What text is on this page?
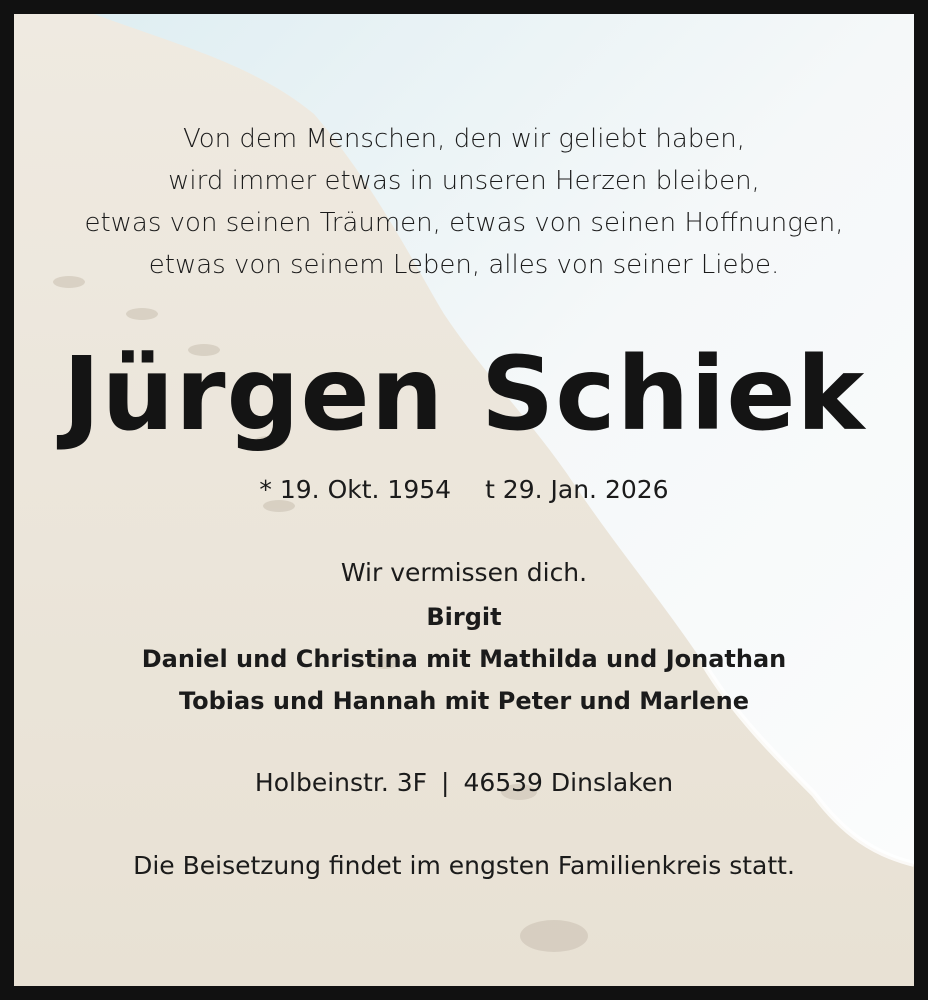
Von dem Menschen, den wir geliebt haben,
wird immer etwas in unseren Herzen bleiben,
etwas von seinen Träumen, etwas von seinen Hoffnungen,
etwas von seinem Leben, alles von seiner Liebe.
Jürgen Schiek
* 19. Okt. 1954 t 29. Jan. 2026
Wir vermissen dich.
Birgit
Daniel und Christina mit Mathilda und Jonathan
Tobias und Hannah mit Peter und Marlene
Holbeinstr. 3F | 46539 Dinslaken
Die Beisetzung findet im engsten Familienkreis statt.
